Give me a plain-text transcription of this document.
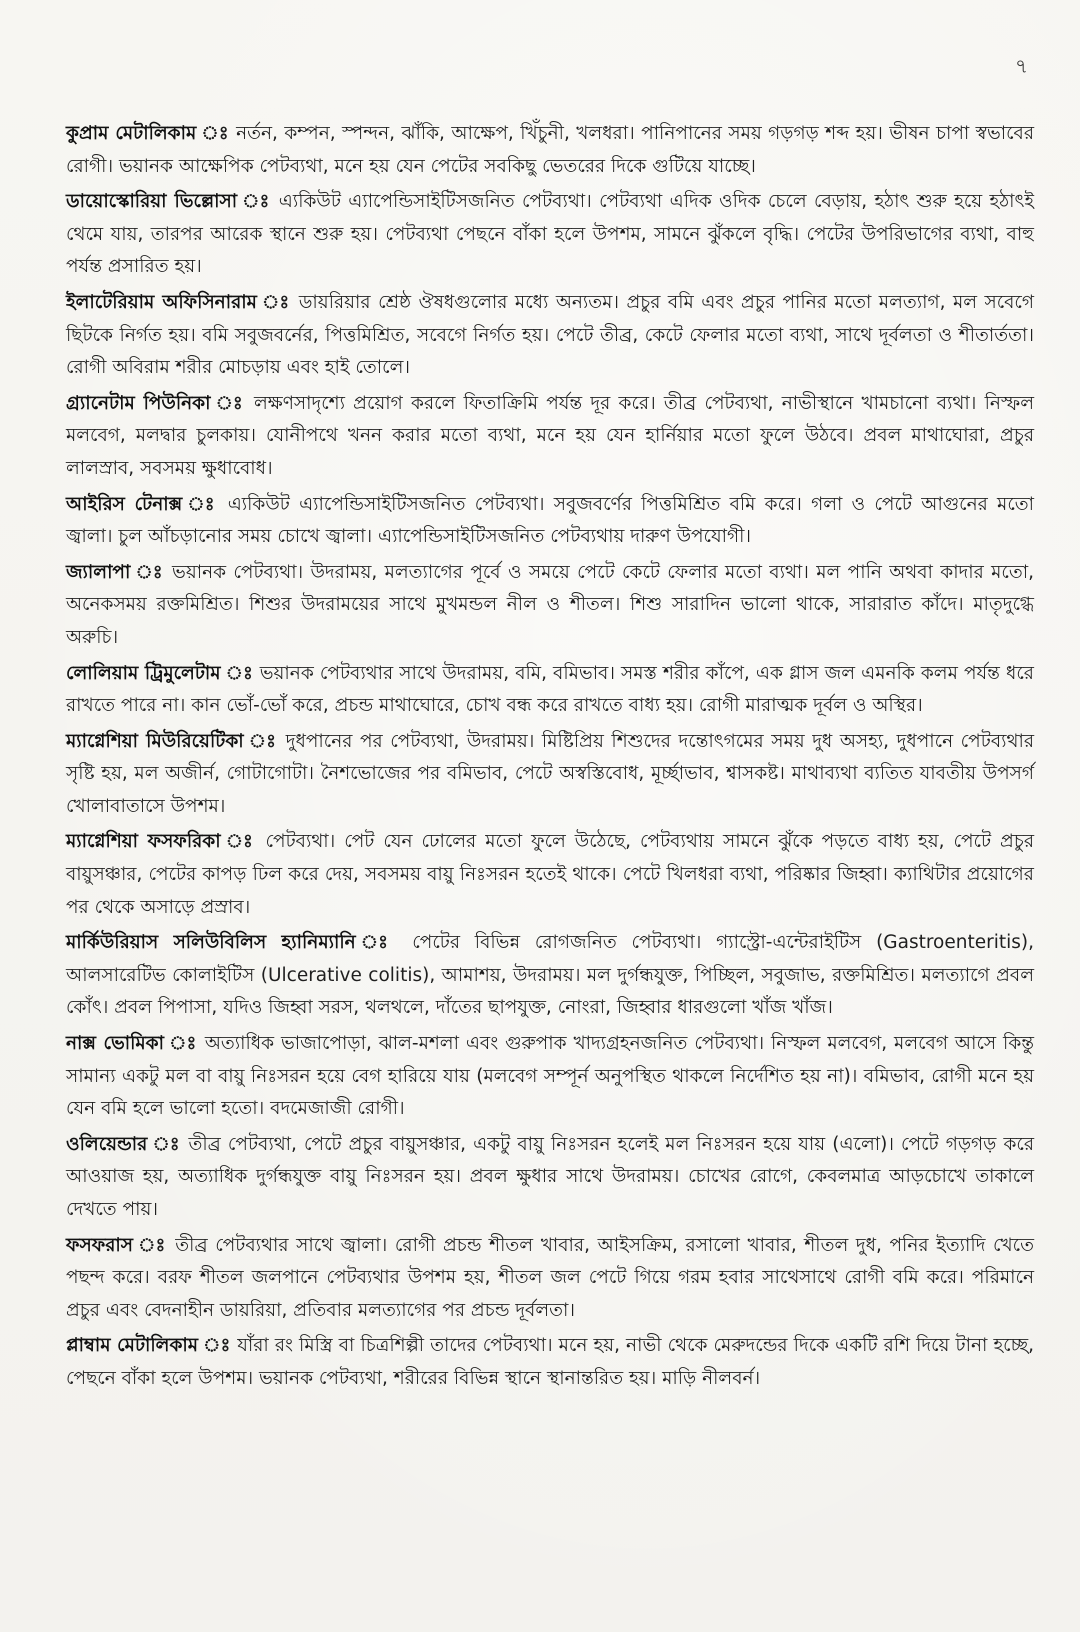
৭

কুপ্রাম মেটালিকাম ঃ নর্তন, কম্পন, স্পন্দন, ঝাঁকি, আক্ষেপ, খিঁচুনী, খলধরা। পানিপানের সময় গড়গড় শব্দ হয়। ভীষন চাপা স্বভাবের রোগী। ভয়ানক আক্ষেপিক পেটব্যথা, মনে হয় যেন পেটের সবকিছু ভেতরের দিকে গুটিয়ে যাচ্ছে।

ডায়োস্কোরিয়া ভিল্লোসা ঃ এ্যকিউট এ্যাপেন্ডিসাইটিসজনিত পেটব্যথা। পেটব্যথা এদিক ওদিক চেলে বেড়ায়, হঠাৎ শুরু হয়ে হঠাৎই থেমে যায়, তারপর আরেক স্থানে শুরু হয়। পেটব্যথা পেছনে বাঁকা হলে উপশম, সামনে ঝুঁকলে বৃদ্ধি। পেটের উপরিভাগের ব্যথা, বাহু পর্যন্ত প্রসারিত হয়।

ইলাটেরিয়াম অফিসিনারাম ঃ ডায়রিয়ার শ্রেষ্ঠ ঔষধগুলোর মধ্যে অন্যতম। প্রচুর বমি এবং প্রচুর পানির মতো মলত্যাগ, মল সবেগে ছিটকে নির্গত হয়। বমি সবুজবর্নের, পিত্তমিশ্রিত, সবেগে নির্গত হয়। পেটে তীব্র, কেটে ফেলার মতো ব্যথা, সাথে দূর্বলতা ও শীতার্ততা। রোগী অবিরাম শরীর মোচড়ায় এবং হাই তোলে।

গ্র্যানেটাম পিউনিকা ঃ লক্ষণসাদৃশ্যে প্রয়োগ করলে ফিতাক্রিমি পর্যন্ত দূর করে। তীব্র পেটব্যথা, নাভীস্থানে খামচানো ব্যথা। নিস্ফল মলবেগ, মলদ্বার চুলকায়। যোনীপথে খনন করার মতো ব্যথা, মনে হয় যেন হার্নিয়ার মতো ফুলে উঠবে। প্রবল মাথাঘোরা, প্রচুর লালস্রাব, সবসময় ক্ষুধাবোধ।

আইরিস টেনাক্স ঃ এ্যকিউট এ্যাপেন্ডিসাইটিসজনিত পেটব্যথা। সবুজবর্ণের পিত্তমিশ্রিত বমি করে। গলা ও পেটে আগুনের মতো জ্বালা। চুল আঁচড়ানোর সময় চোখে জ্বালা। এ্যাপেন্ডিসাইটিসজনিত পেটব্যথায় দারুণ উপযোগী।

জ্যালাপা ঃ ভয়ানক পেটব্যথা। উদরাময়, মলত্যাগের পূর্বে ও সময়ে পেটে কেটে ফেলার মতো ব্যথা। মল পানি অথবা কাদার মতো, অনেকসময় রক্তমিশ্রিত। শিশুর উদরাময়ের সাথে মুখমন্ডল নীল ও শীতল। শিশু সারাদিন ভালো থাকে, সারারাত কাঁদে। মাতৃদুগ্ধে অরুচি।

লোলিয়াম ট্রিমুলেটাম ঃ ভয়ানক পেটব্যথার সাথে উদরাময়, বমি, বমিভাব। সমস্ত শরীর কাঁপে, এক গ্লাস জল এমনকি কলম পর্যন্ত ধরে রাখতে পারে না। কান ভোঁ-ভোঁ করে, প্রচন্ড মাথাঘোরে, চোখ বন্ধ করে রাখতে বাধ্য হয়। রোগী মারাত্মক দূর্বল ও অস্থির।

ম্যাগ্নেশিয়া মিউরিয়েটিকা ঃ দুধপানের পর পেটব্যথা, উদরাময়। মিষ্টিপ্রিয় শিশুদের দন্তোৎগমের সময় দুধ অসহ্য, দুধপানে পেটব্যথার সৃষ্টি হয়, মল অজীর্ন, গোটাগোটা। নৈশভোজের পর বমিভাব, পেটে অস্বস্তিবোধ, মূর্চ্ছাভাব, শ্বাসকষ্ট। মাথাব্যথা ব্যতিত যাবতীয় উপসর্গ খোলাবাতাসে উপশম।

ম্যাগ্নেশিয়া ফসফরিকা ঃ পেটব্যথা। পেট যেন ঢোলের মতো ফুলে উঠেছে, পেটব্যথায় সামনে ঝুঁকে পড়তে বাধ্য হয়, পেটে প্রচুর বায়ুসঞ্চার, পেটের কাপড় ঢিল করে দেয়, সবসময় বায়ু নিঃসরন হতেই থাকে। পেটে খিলধরা ব্যথা, পরিষ্কার জিহ্বা। ক্যাথিটার প্রয়োগের পর থেকে অসাড়ে প্রস্রাব।

মার্কিউরিয়াস সলিউবিলিস হ্যানিম্যানি ঃ পেটের বিভিন্ন রোগজনিত পেটব্যথা। গ্যাস্ট্রো-এন্টেরাইটিস (Gastroenteritis), আলসারেটিভ কোলাইটিস (Ulcerative colitis), আমাশয়, উদরাময়। মল দুর্গন্ধযুক্ত, পিচ্ছিল, সবুজাভ, রক্তমিশ্রিত। মলত্যাগে প্রবল কোঁৎ। প্রবল পিপাসা, যদিও জিহ্বা সরস, থলথলে, দাঁতের ছাপযুক্ত, নোংরা, জিহ্বার ধারগুলো খাঁজ খাঁজ।

নাক্স ভোমিকা ঃ অত্যাধিক ভাজাপোড়া, ঝাল-মশলা এবং গুরুপাক খাদ্যগ্রহনজনিত পেটব্যথা। নিস্ফল মলবেগ, মলবেগ আসে কিন্তু সামান্য একটু মল বা বায়ু নিঃসরন হয়ে বেগ হারিয়ে যায় (মলবেগ সম্পূর্ন অনুপস্থিত থাকলে নির্দেশিত হয় না)। বমিভাব, রোগী মনে হয় যেন বমি হলে ভালো হতো। বদমেজাজী রোগী।

ওলিয়েন্ডার ঃ তীব্র পেটব্যথা, পেটে প্রচুর বায়ুসঞ্চার, একটু বায়ু নিঃসরন হলেই মল নিঃসরন হয়ে যায় (এলো)। পেটে গড়গড় করে আওয়াজ হয়, অত্যাধিক দুর্গন্ধযুক্ত বায়ু নিঃসরন হয়। প্রবল ক্ষুধার সাথে উদরাময়। চোখের রোগে, কেবলমাত্র আড়চোখে তাকালে দেখতে পায়।

ফসফরাস ঃ তীব্র পেটব্যথার সাথে জ্বালা। রোগী প্রচন্ড শীতল খাবার, আইসক্রিম, রসালো খাবার, শীতল দুধ, পনির ইত্যাদি খেতে পছন্দ করে। বরফ শীতল জলপানে পেটব্যথার উপশম হয়, শীতল জল পেটে গিয়ে গরম হবার সাথেসাথে রোগী বমি করে। পরিমানে প্রচুর এবং বেদনাহীন ডায়রিয়া, প্রতিবার মলত্যাগের পর প্রচন্ড দূর্বলতা।

প্লাম্বাম মেটালিকাম ঃ যাঁরা রং মিস্ত্রি বা চিত্রশিল্পী তাদের পেটব্যথা। মনে হয়, নাভী থেকে মেরুদন্ডের দিকে একটি রশি দিয়ে টানা হচ্ছে, পেছনে বাঁকা হলে উপশম। ভয়ানক পেটব্যথা, শরীরের বিভিন্ন স্থানে স্থানান্তরিত হয়। মাড়ি নীলবর্ন।
